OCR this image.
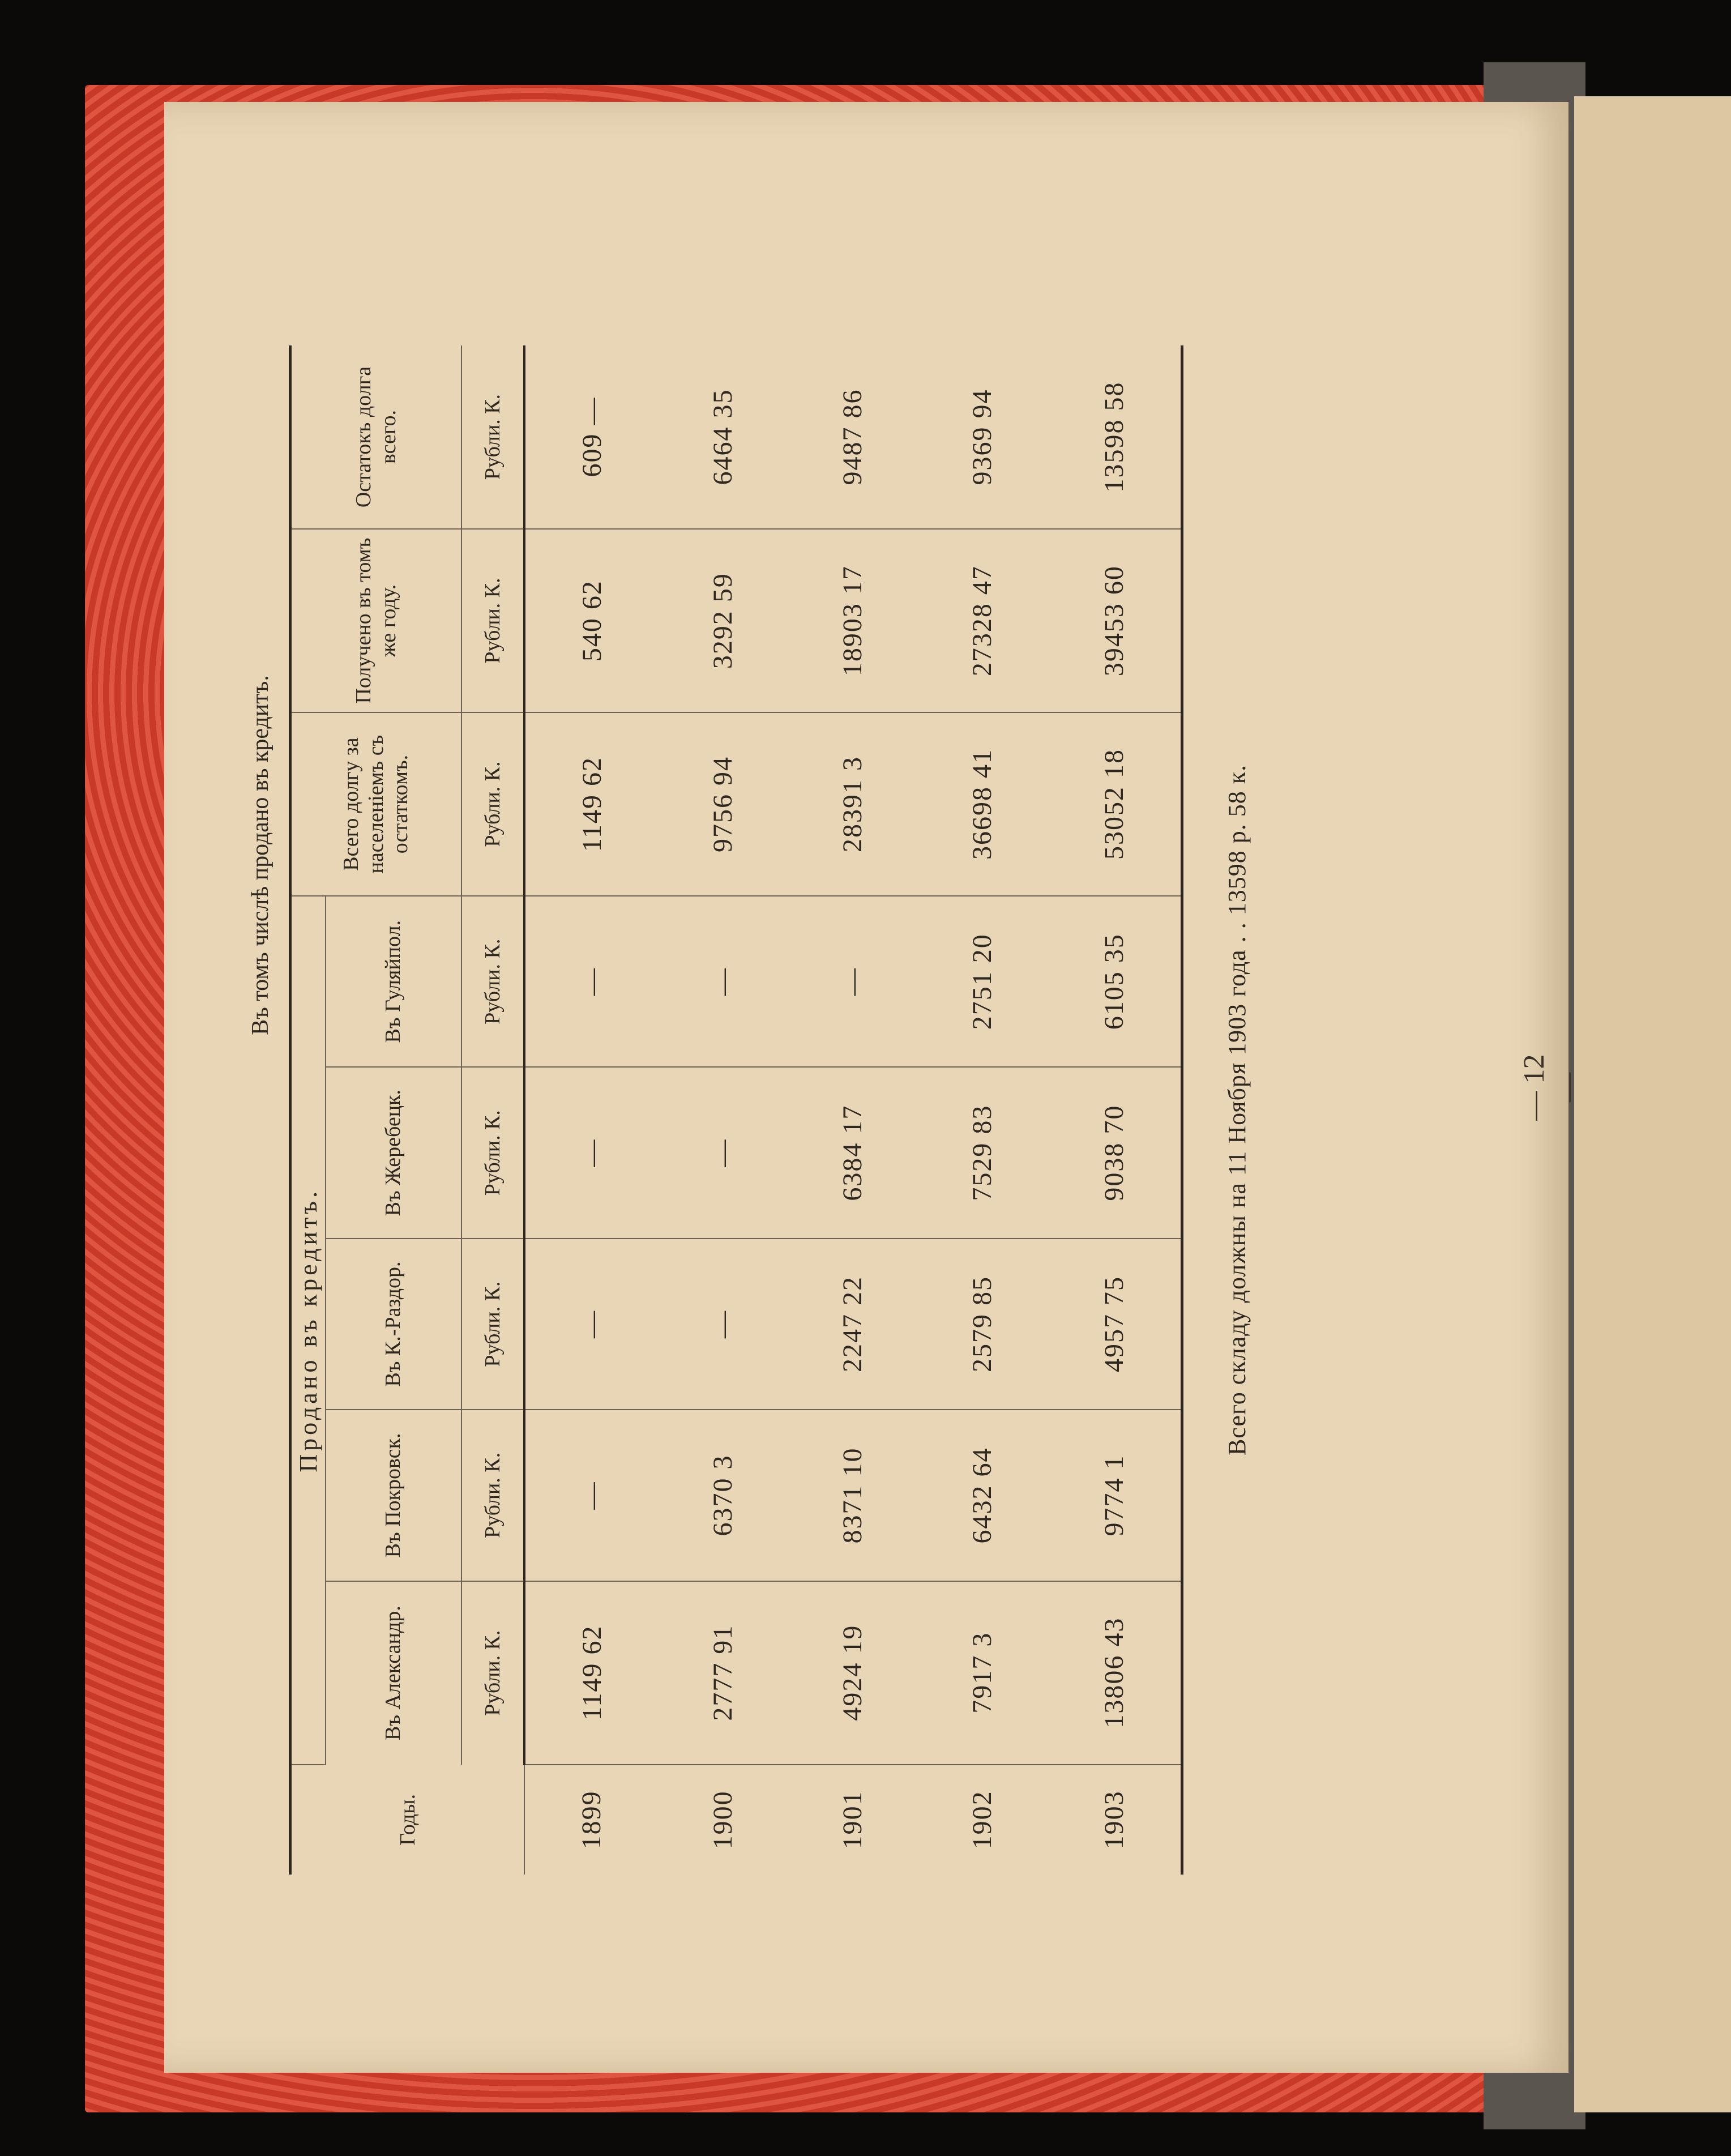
— 12 —
Въ томъ числѣ продано въ кредитъ.
Годы.	Продано въ кредитъ.					Всего долгу за населеніемъ съ остаткомъ.	Получено въ томъ же году.	Остатокъ долга всего.
	Въ Александр.	Въ Покровск.	Въ К.-Раздор.	Въ Жеребецк.	Въ Гуляйпол.			
	Рубли. К.	Рубли. К.	Рубли. К.	Рубли. К.	Рубли. К.	Рубли. К.	Рубли. К.	Рубли. К.
1899	1149 62	—	—	—	—	1149 62	540 62	609 —
1900	2777 91	6370 3	—	—	—	9756 94	3292 59	6464 35
1901	4924 19	8371 10	2247 22	6384 17	—	28391 3	18903 17	9487 86
1902	7917 3	6432 64	2579 85	7529 83	2751 20	36698 41	27328 47	9369 94
1903	13806 43	9774 1	4957 75	9038 70	6105 35	53052 18	39453 60	13598 58
Всего складу должны на 11 Ноября 1903 года . . 13598 р. 58 к.
